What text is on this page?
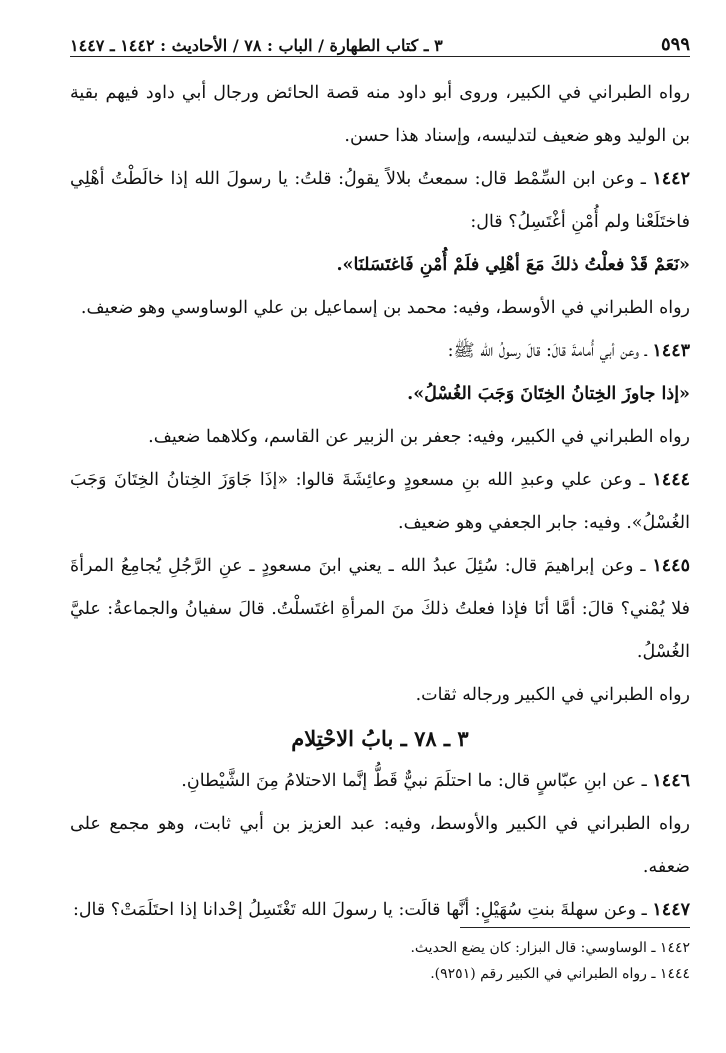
٥٩٩
٣ ـ كتاب الطهارة / الباب : ٧٨ / الأحاديث : ١٤٤٢ ـ ١٤٤٧

رواه الطبراني في الكبير، وروى أبو داود منه قصة الحائض ورجال أبي داود فيهم بقية بن الوليد وهو ضعيف لتدليسه، وإسناد هذا حسن.

١٤٤٢ ـ وعن ابن السِّمْط قال: سمعتُ بلالاً يقولُ: قلتُ: يا رسولَ الله إذا خالَطْتُ أهْلِي فاختَلَعْنا ولم أُمْنِ أغْتَسِلُ؟ قال:

«نَعَمْ قَدْ فعلْتُ ذلكَ مَعَ أهْلِي فلَمْ أُمْنِ فَاغتَسَلنَا».

رواه الطبراني في الأوسط، وفيه: محمد بن إسماعيل بن علي الوساوسي وهو ضعيف.

١٤٤٣ ـ وعن أبي أُمامةَ قالَ: قالَ رسولُ الله ﷺ:

«إذا جاوزَ الخِتانُ الخِتَانَ وَجَبَ الغُسْلُ».

رواه الطبراني في الكبير، وفيه: جعفر بن الزبير عن القاسم، وكلاهما ضعيف.

١٤٤٤ ـ وعن علي وعبدِ الله بنِ مسعودٍ وعائِشَةَ قالوا: «إذَا جَاوَزَ الخِتانُ الخِتَانَ وَجَبَ الغُسْلُ». وفيه: جابر الجعفي وهو ضعيف.

١٤٤٥ ـ وعن إبراهيمَ قال: سُئِلَ عبدُ الله ـ يعني ابنَ مسعودٍ ـ عنِ الرَّجُلِ يُجامِعُ المرأةَ فلا يُمْني؟ قالَ: أمَّا أنَا فإذا فعلتُ ذلكَ منَ المرأةِ اغتَسلْتُ. قالَ سفيانُ والجماعةُ: عليَّ الغُسْلُ.

رواه الطبراني في الكبير ورجاله ثقات.

٣ ـ ٧٨ ـ بابُ الاحْتِلام

١٤٤٦ ـ عن ابنِ عبّاسٍ قال: ما احتلَمَ نبيٌّ قَطُّ إنَّما الاحتلامُ مِنَ الشَّيْطانِ.

رواه الطبراني في الكبير والأوسط، وفيه: عبد العزيز بن أبي ثابت، وهو مجمع على ضعفه.

١٤٤٧ ـ وعن سهلةَ بنتِ سُهَيْلٍ: أنَّها قالَت: يا رسولَ الله تَغْتَسِلُ إحْدانا إذا احتَلَمَتْ؟ قال:

١٤٤٢ ـ الوساوسي: قال البزار: كان يضع الحديث.

١٤٤٤ ـ رواه الطبراني في الكبير رقم (٩٢٥١).
